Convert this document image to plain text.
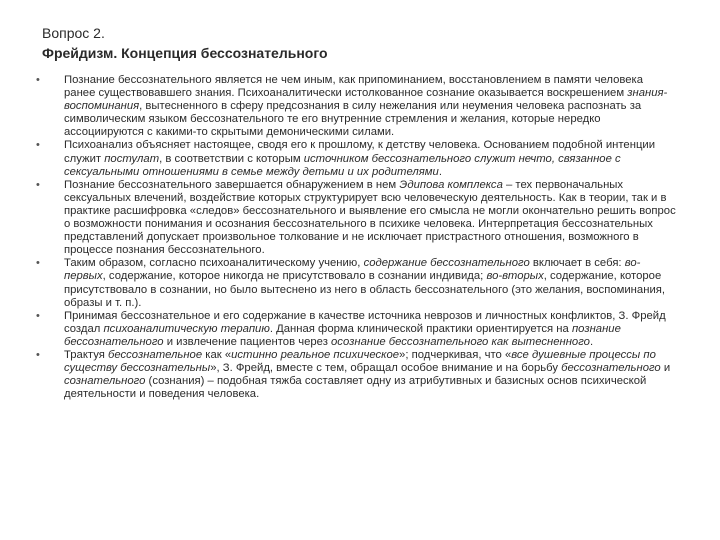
Вопрос 2.
Фрейдизм. Концепция бессознательного
• Познание бессознательного является не чем иным, как припоминанием, восстановлением в памяти человека ранее существовавшего знания. Психоаналитически истолкованное сознание оказывается воскрешением знания-воспоминания, вытесненного в сферу предсознания в силу нежелания или неумения человека распознать за символическим языком бессознательного те его внутренние стремления и желания, которые нередко ассоциируются с какими-то скрытыми демоническими силами.
• Психоанализ объясняет настоящее, сводя его к прошлому, к детству человека. Основанием подобной интенции служит постулат, в соответствии с которым источником бессознательного служит нечто, связанное с сексуальными отношениями в семье между детьми и их родителями.
• Познание бессознательного завершается обнаружением в нем Эдипова комплекса – тех первоначальных сексуальных влечений, воздействие которых структурирует всю человеческую деятельность. Как в теории, так и в практике расшифровка «следов» бессознательного и выявление его смысла не могли окончательно решить вопрос о возможности понимания и осознания бессознательного в психике человека. Интерпретация бессознательных представлений допускает произвольное толкование и не исключает пристрастного отношения, возможного в процессе познания бессознательного.
• Таким образом, согласно психоаналитическому учению, содержание бессознательного включает в себя: во-первых, содержание, которое никогда не присутствовало в сознании индивида; во-вторых, содержание, которое присутствовало в сознании, но было вытеснено из него в область бессознательного (это желания, воспоминания, образы и т. п.).
• Принимая бессознательное и его содержание в качестве источника неврозов и личностных конфликтов, З. Фрейд создал психоаналитическую терапию. Данная форма клинической практики ориентируется на познание бессознательного и извлечение пациентов через осознание бессознательного как вытесненного.
• Трактуя бессознательное как «истинно реальное психическое»; подчеркивая, что «все душевные процессы по существу бессознательны», З. Фрейд, вместе с тем, обращал особое внимание и на борьбу бессознательного и сознательного (сознания) – подобная тяжба составляет одну из атрибутивных и базисных основ психической деятельности и поведения человека.
